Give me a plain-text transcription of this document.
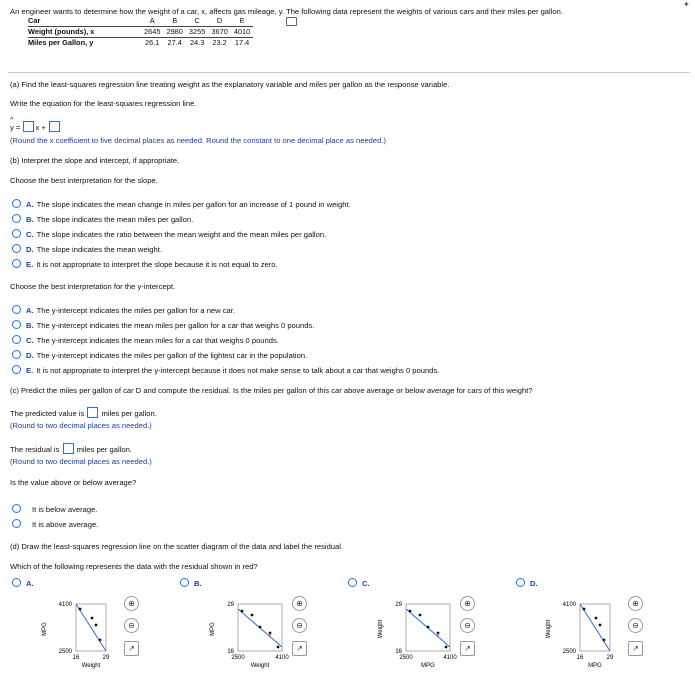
An engineer wants to determine how the weight of a car, x, affects gas mileage, y. The following data represent the weights of various cars and their miles per gallon.
✦
Car	A	B	C	D	E
Weight (pounds), x	2645	2980	3255	3670	4010
Miles per Gallon, y	26.1	27.4	24.3	23.2	17.4
(a) Find the least-squares regression line treating weight as the explanatory variable and miles per gallon as the response variable.
Write the equation for the least-squares regression line.
^ y = x +
(Round the x coefficient to five decimal places as needed. Round the constant to one decimal place as needed.)
(b) Interpret the slope and intercept, if appropriate.
Choose the best interpretation for the slope.
A. The slope indicates the mean change in miles per gallon for an increase of 1 pound in weight.
B. The slope indicates the mean miles per gallon.
C. The slope indicates the ratio between the mean weight and the mean miles per gallon.
D. The slope indicates the mean weight.
E. It is not appropriate to interpret the slope because it is not equal to zero.
Choose the best interpretation for the y-intercept.
A. The y-intercept indicates the miles per gallon for a new car.
B. The y-intercept indicates the mean miles per gallon for a car that weighs 0 pounds.
C. The y-intercept indicates the mean miles for a car that weighs 0 pounds.
D. The y-intercept indicates the miles per gallon of the lightest car in the population.
E. It is not appropriate to interpret the y-intercept because it does not make sense to talk about a car that weighs 0 pounds.
(c) Predict the miles per gallon of car D and compute the residual. Is the miles per gallon of this car above average or below average for cars of this weight?
The predicted value is  miles per gallon.
(Round to two decimal places as needed.)
The residual is  miles per gallon.
(Round to two decimal places as needed.)
Is the value above or below average?
It is below average.
It is above average.
(d) Draw the least-squares regression line on the scatter diagram of the data and label the residual.
Which of the following represents the data with the residual shown in red?
A.
4100
2500
16	29
Weight
MPG
⊕
⊖
↗
B.
29
16
2500	4100
Weight
MPG
⊕
⊖
↗
C.
29
16
2500	4100
MPG
Weight
⊕
⊖
↗
D.
4100
2500
16	29
MPG
Weight
⊕
⊖
↗
